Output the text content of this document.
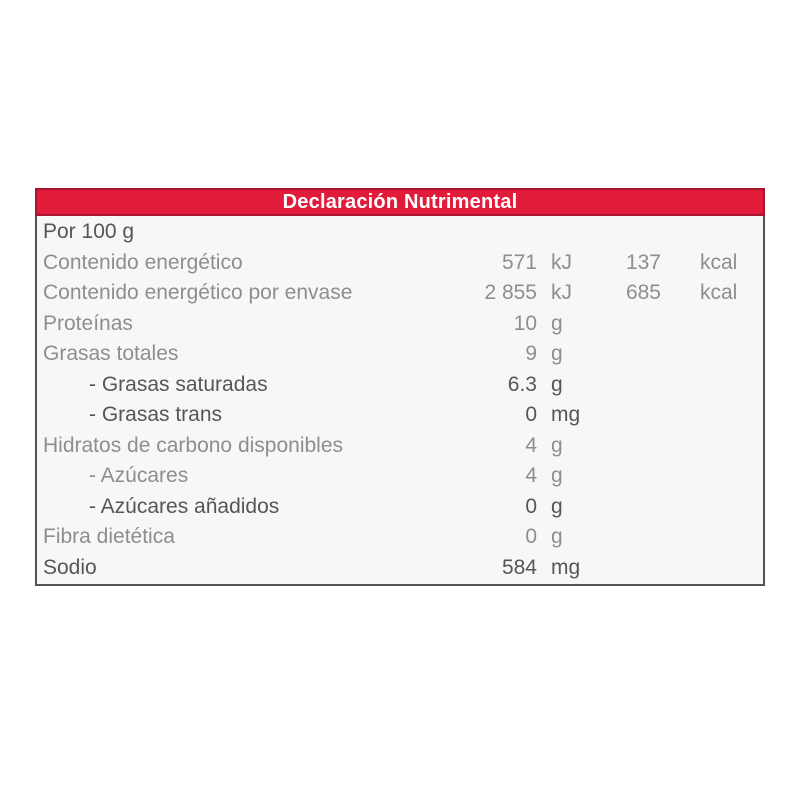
Declaración Nutrimental
Por 100 g
Contenido energético	571 kJ	137	kcal
Contenido energético por envase	2 855 kJ	685	kcal
Proteínas	10 g
Grasas totales	9 g
- Grasas saturadas	6.3 g
- Grasas trans	0 mg
Hidratos de carbono disponibles	4 g
- Azúcares	4 g
- Azúcares añadidos	0 g
Fibra dietética	0 g
Sodio	584 mg
